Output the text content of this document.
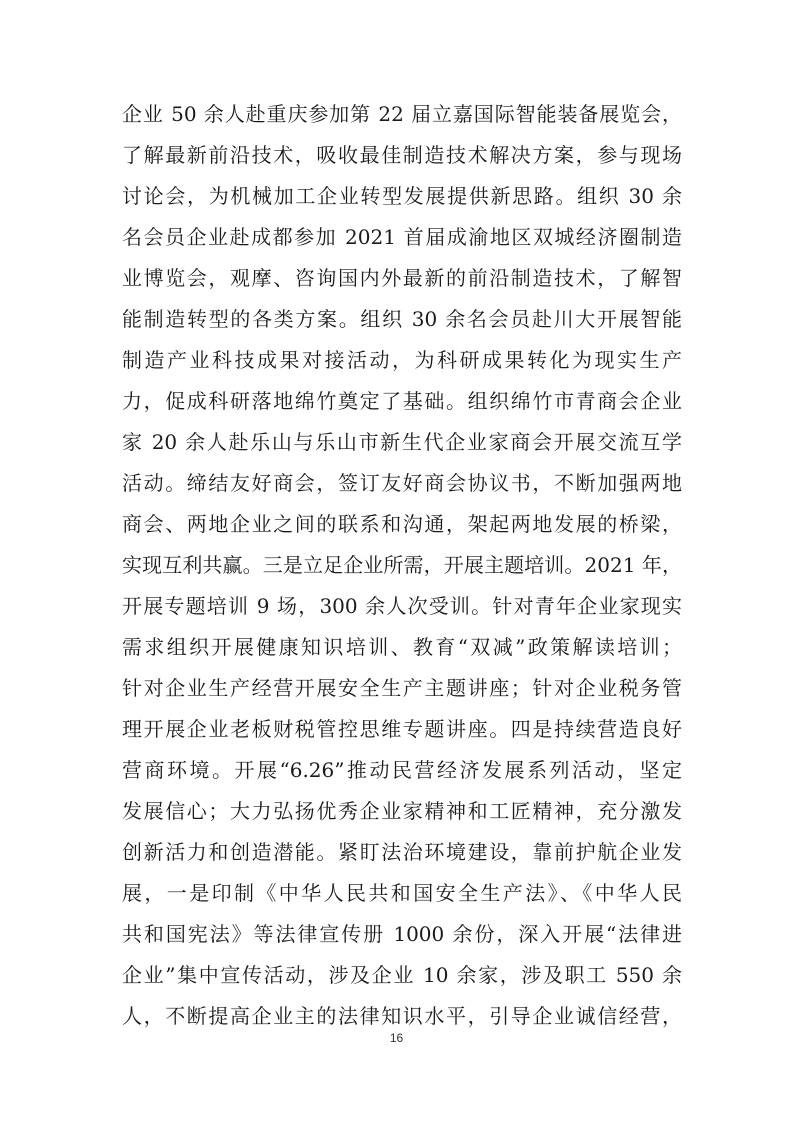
企业 50 余人赴重庆参加第 22 届立嘉国际智能装备展览会，
了解最新前沿技术，吸收最佳制造技术解决方案，参与现场
讨论会，为机械加工企业转型发展提供新思路。组织 30 余
名会员企业赴成都参加 2021 首届成渝地区双城经济圈制造
业博览会，观摩、咨询国内外最新的前沿制造技术，了解智
能制造转型的各类方案。组织 30 余名会员赴川大开展智能
制造产业科技成果对接活动，为科研成果转化为现实生产
力，促成科研落地绵竹奠定了基础。组织绵竹市青商会企业
家 20 余人赴乐山与乐山市新生代企业家商会开展交流互学
活动。缔结友好商会，签订友好商会协议书，不断加强两地
商会、两地企业之间的联系和沟通，架起两地发展的桥梁，
实现互利共赢。三是立足企业所需，开展主题培训。2021 年，
开展专题培训 9 场，300 余人次受训。针对青年企业家现实
需求组织开展健康知识培训、教育“双减”政策解读培训；
针对企业生产经营开展安全生产主题讲座；针对企业税务管
理开展企业老板财税管控思维专题讲座。四是持续营造良好
营商环境。开展“6.26”推动民营经济发展系列活动，坚定
发展信心；大力弘扬优秀企业家精神和工匠精神，充分激发
创新活力和创造潜能。紧盯法治环境建设，靠前护航企业发
展，一是印制《中华人民共和国安全生产法》、《中华人民
共和国宪法》等法律宣传册 1000 余份，深入开展“法律进
企业”集中宣传活动，涉及企业 10 余家，涉及职工 550 余
人，不断提高企业主的法律知识水平，引导企业诚信经营，
16
